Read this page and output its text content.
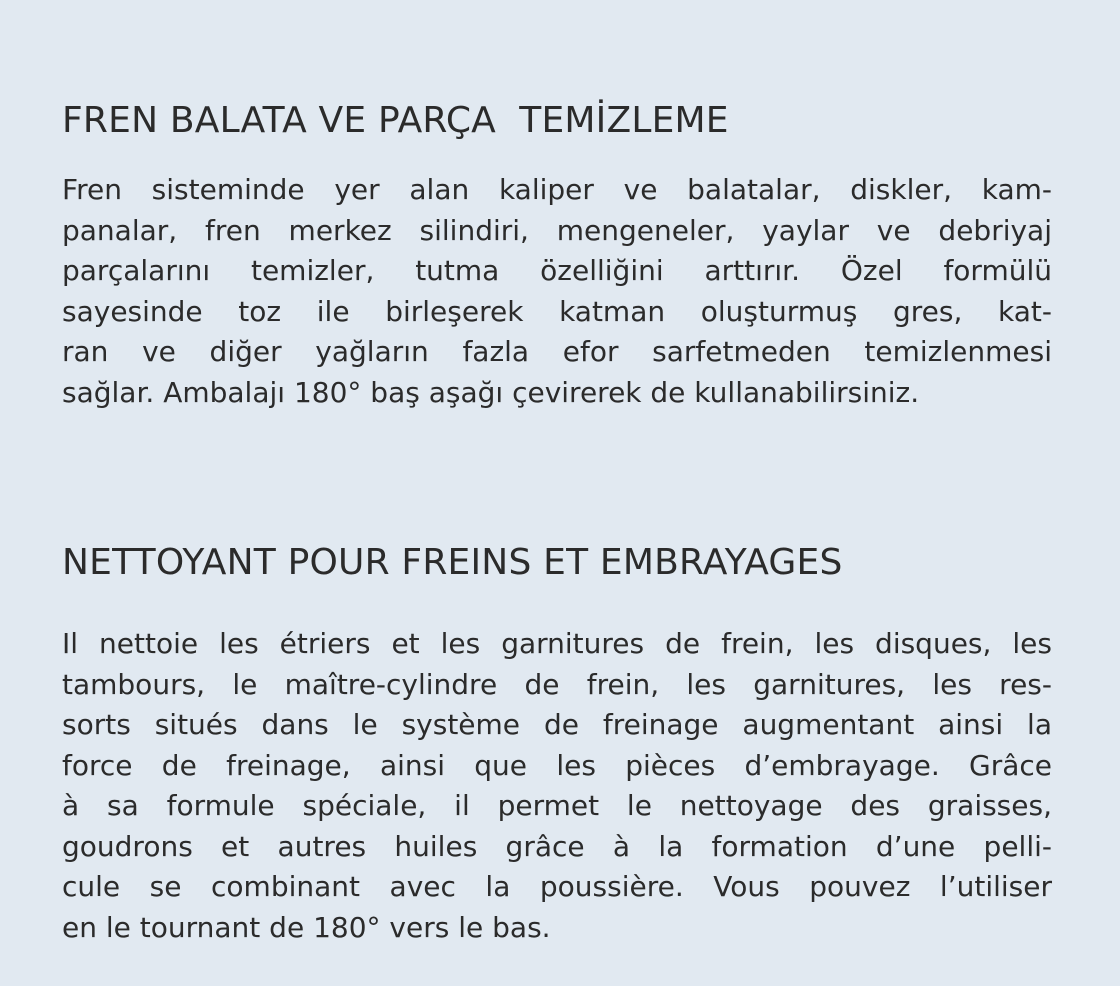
FREN BALATA VE PARÇA  TEMİZLEME

Fren sisteminde yer alan kaliper ve balatalar, diskler, kam-
panalar, fren merkez silindiri, mengeneler, yaylar ve debriyaj
parçalarını temizler, tutma özelliğini arttırır. Özel formülü
sayesinde toz ile birleşerek katman oluşturmuş gres, kat-
ran ve diğer yağların fazla efor sarfetmeden temizlenmesi
sağlar. Ambalajı 180° baş aşağı çevirerek de kullanabilirsiniz.

NETTOYANT POUR FREINS ET EMBRAYAGES

Il nettoie les étriers et les garnitures de frein, les disques, les
tambours, le maître-cylindre de frein, les garnitures, les res-
sorts situés dans le système de freinage augmentant ainsi la
force de freinage, ainsi que les pièces d’embrayage. Grâce
à sa formule spéciale, il permet le nettoyage des graisses,
goudrons et autres huiles grâce à la formation d’une pelli-
cule se combinant avec la poussière. Vous pouvez l’utiliser
en le tournant de 180° vers le bas.
